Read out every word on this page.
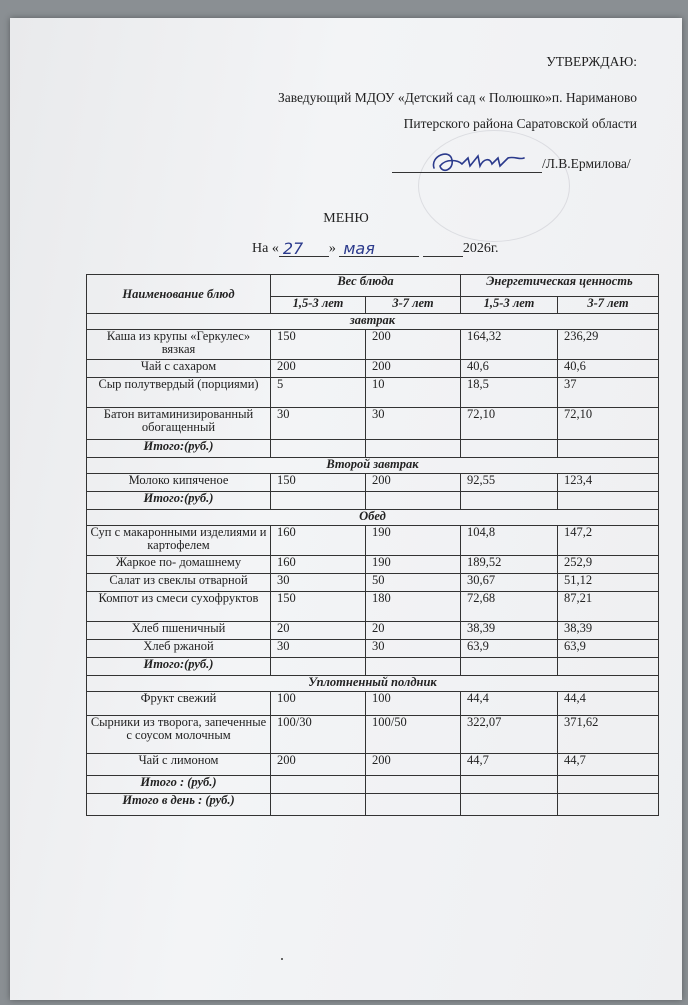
УТВЕРЖДАЮ:
Заведующий МДОУ «Детский сад « Полюшко»п. Нариманово
Питерского района Саратовской области
/Л.В.Ермилова/
МЕНЮ
На « 27 » мая	2026г.
Наименование блюд	Вес блюда		Энергетическая ценность	
	1,5-3 лет	3-7 лет	1,5-3 лет	3-7 лет
завтрак				
Каша из крупы «Геркулес» вязкая	150	200	164,32	236,29
Чай с сахаром	200	200	40,6	40,6
Сыр полутвердый (порциями)	5	10	18,5	37
Батон витаминизированный обогащенный	30	30	72,10	72,10
Итого:(руб.)				
Второй завтрак				
Молоко кипяченое	150	200	92,55	123,4
Итого:(руб.)				
Обед				
Суп с макаронными изделиями и картофелем	160	190	104,8	147,2
Жаркое по- домашнему	160	190	189,52	252,9
Салат из свеклы отварной	30	50	30,67	51,12
Компот из смеси сухофруктов	150	180	72,68	87,21
Хлеб пшеничный	20	20	38,39	38,39
Хлеб ржаной	30	30	63,9	63,9
Итого:(руб.)				
Уплотненный полдник				
Фрукт свежий	100	100	44,4	44,4
Сырники из творога, запеченные с соусом молочным	100/30	100/50	322,07	371,62
Чай с лимоном	200	200	44,7	44,7
Итого : (руб.)				
Итого в день : (руб.)				
